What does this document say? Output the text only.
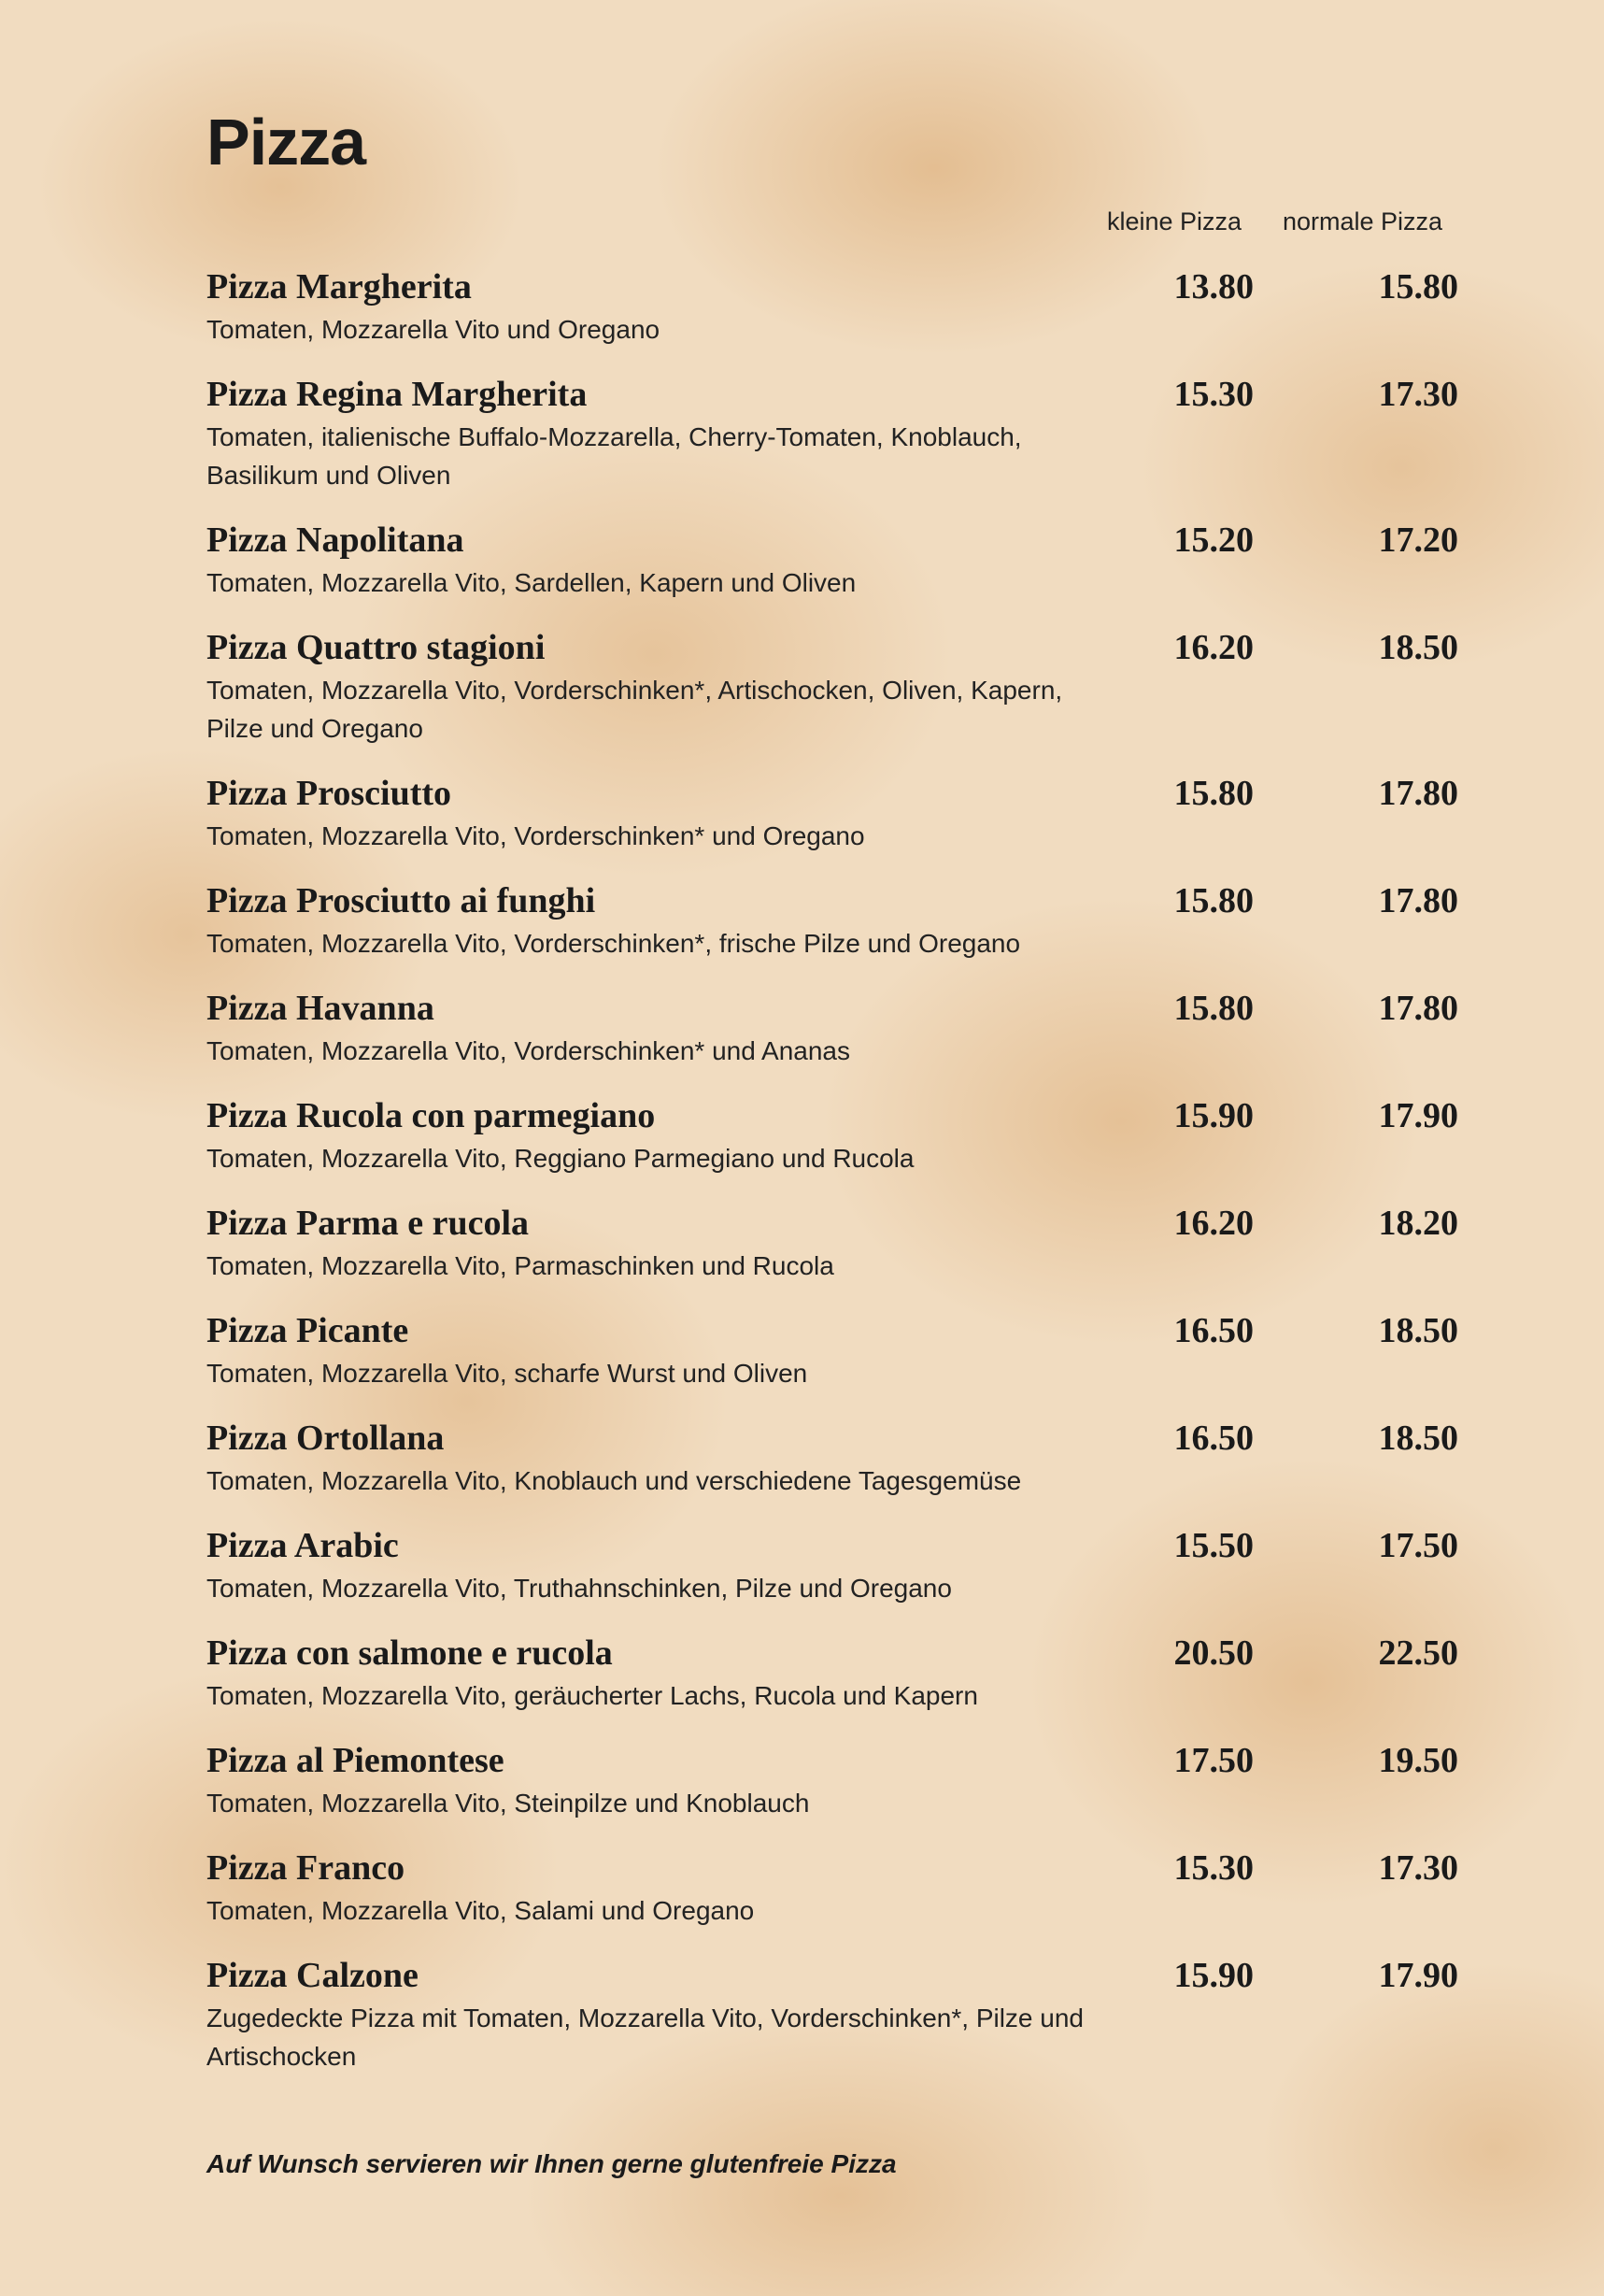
Pizza
kleine Pizza normale Pizza
Pizza Margherita
Tomaten, Mozzarella Vito und Oregano
13.80	15.80
Pizza Regina Margherita
Tomaten, italienische Buffalo-Mozzarella, Cherry-Tomaten, Knoblauch, Basilikum und Oliven
15.30	17.30
Pizza Napolitana
Tomaten, Mozzarella Vito, Sardellen, Kapern und Oliven
15.20	17.20
Pizza Quattro stagioni
Tomaten, Mozzarella Vito, Vorderschinken*, Artischocken, Oliven, Kapern, Pilze und Oregano
16.20	18.50
Pizza Prosciutto
Tomaten, Mozzarella Vito, Vorderschinken* und Oregano
15.80	17.80
Pizza Prosciutto ai funghi
Tomaten, Mozzarella Vito, Vorderschinken*, frische Pilze und Oregano
15.80	17.80
Pizza Havanna
Tomaten, Mozzarella Vito, Vorderschinken* und Ananas
15.80	17.80
Pizza Rucola con parmegiano
Tomaten, Mozzarella Vito, Reggiano Parmegiano und Rucola
15.90	17.90
Pizza Parma e rucola
Tomaten, Mozzarella Vito, Parmaschinken und Rucola
16.20	18.20
Pizza Picante
Tomaten, Mozzarella Vito, scharfe Wurst und Oliven
16.50	18.50
Pizza Ortollana
Tomaten, Mozzarella Vito, Knoblauch und verschiedene Tagesgemüse
16.50	18.50
Pizza Arabic
Tomaten, Mozzarella Vito, Truthahnschinken, Pilze und Oregano
15.50	17.50
Pizza con salmone e rucola
Tomaten, Mozzarella Vito, geräucherter Lachs, Rucola und Kapern
20.50	22.50
Pizza al Piemontese
Tomaten, Mozzarella Vito, Steinpilze und Knoblauch
17.50	19.50
Pizza Franco
Tomaten, Mozzarella Vito, Salami und Oregano
15.30	17.30
Pizza Calzone
Zugedeckte Pizza mit Tomaten, Mozzarella Vito, Vorderschinken*, Pilze und Artischocken
15.90	17.90
Auf Wunsch servieren wir Ihnen gerne glutenfreie Pizza
